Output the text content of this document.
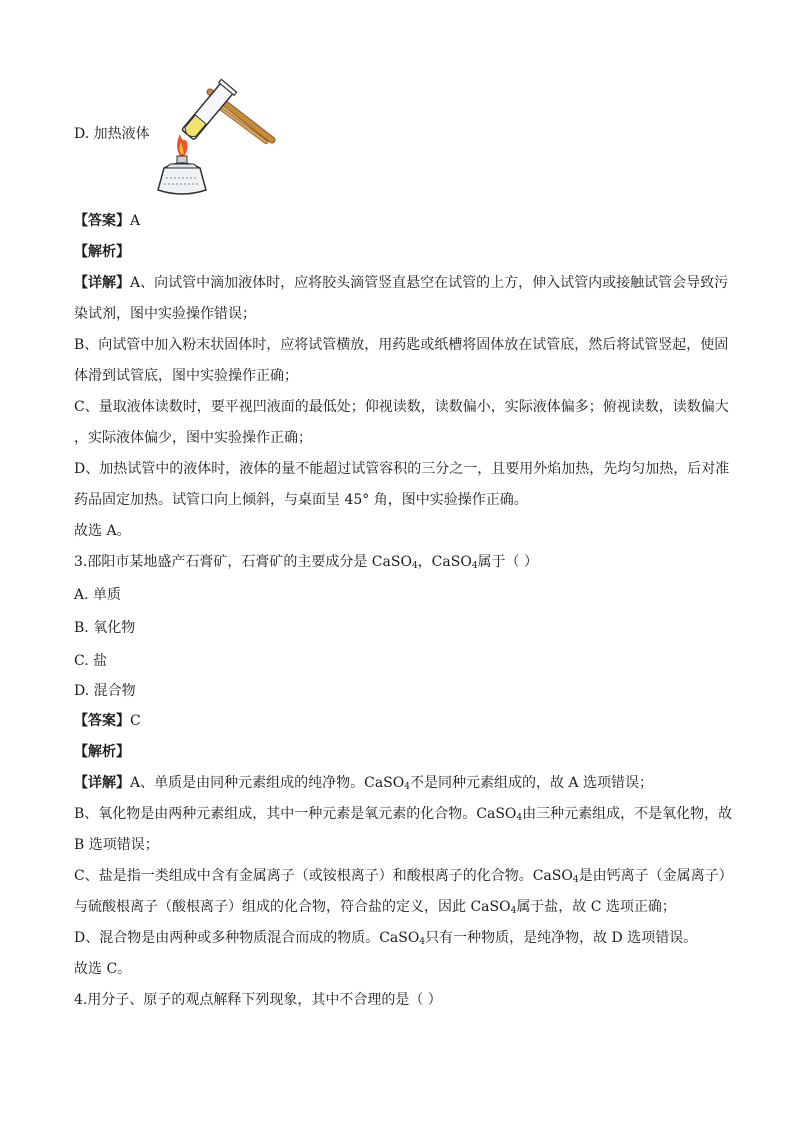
D. 加热液体
【答案】A
【解析】
【详解】A、向试管中滴加液体时，应将胶头滴管竖直悬空在试管的上方，伸入试管内或接触试管会导致污
染试剂，图中实验操作错误；
B、向试管中加入粉末状固体时，应将试管横放，用药匙或纸槽将固体放在试管底，然后将试管竖起，使固
体滑到试管底，图中实验操作正确；
C、量取液体读数时，要平视凹液面的最低处；仰视读数，读数偏小，实际液体偏多；俯视读数，读数偏大
，实际液体偏少，图中实验操作正确；
D、加热试管中的液体时，液体的量不能超过试管容积的三分之一，且要用外焰加热，先均匀加热，后对准
药品固定加热。试管口向上倾斜，与桌面呈 45° 角，图中实验操作正确。
故选 A。
3.邵阳市某地盛产石膏矿，石膏矿的主要成分是 CaSO$_4$，CaSO$_4$属于（ ）
A. 单质
B. 氧化物
C. 盐
D. 混合物
【答案】C
【解析】
【详解】A、单质是由同种元素组成的纯净物。CaSO$_4$不是同种元素组成的，故 A 选项错误；
B、氧化物是由两种元素组成，其中一种元素是氧元素的化合物。CaSO$_4$由三种元素组成，不是氧化物，故
B 选项错误；
C、盐是指一类组成中含有金属离子（或铵根离子）和酸根离子的化合物。CaSO$_4$是由钙离子（金属离子）
与硫酸根离子（酸根离子）组成的化合物，符合盐的定义，因此 CaSO$_4$属于盐，故 C 选项正确；
D、混合物是由两种或多种物质混合而成的物质。CaSO$_4$只有一种物质，是纯净物，故 D 选项错误。
故选 C。
4.用分子、原子的观点解释下列现象，其中不合理的是（ ）
